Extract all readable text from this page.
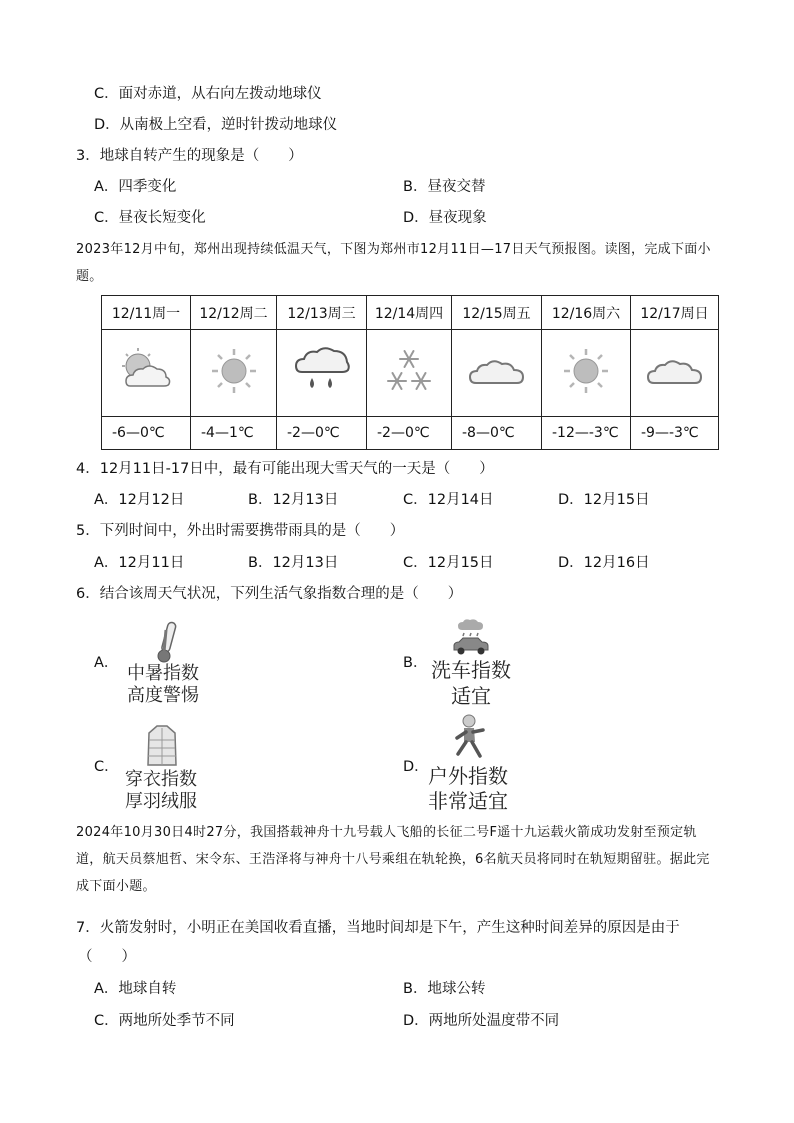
C．面对赤道，从右向左拨动地球仪
D．从南极上空看，逆时针拨动地球仪
3．地球自转产生的现象是（　　）
A．四季变化	B．昼夜交替
C．昼夜长短变化	D．昼夜现象
2023年12月中旬，郑州出现持续低温天气，下图为郑州市12月11日—17日天气预报图。读图，完成下面小题。
12/11周一	12/12周二	12/13周三	12/14周四	12/15周五	12/16周六	12/17周日

-6—0℃	-4—1℃	-2—0℃	-2—0℃	-8—0℃	-12—-3℃	-9—-3℃
4．12月11日-17日中，最有可能出现大雪天气的一天是（　　）
A．12月12日	B．12月13日	C．12月14日	D．12月15日
5．下列时间中，外出时需要携带雨具的是（　　）
A．12月11日	B．12月13日	C．12月15日	D．12月16日
6．结合该周天气状况，下列生活气象指数合理的是（　　）
A． 中暑指数
高度警惕
B． 洗车指数
适宜
C．
穿衣指数
厚羽绒服
D． 户外指数
非常适宜
2024年10月30日4时27分，我国搭载神舟十九号载人飞船的长征二号F遥十九运载火箭成功发射至预定轨道，航天员蔡旭哲、宋令东、王浩泽将与神舟十八号乘组在轨轮换，6名航天员将同时在轨短期留驻。据此完成下面小题。
7．火箭发射时，小明正在美国收看直播，当地时间却是下午，产生这种时间差异的原因是由于
（　　）
A．地球自转	B．地球公转
C．两地所处季节不同	D．两地所处温度带不同
